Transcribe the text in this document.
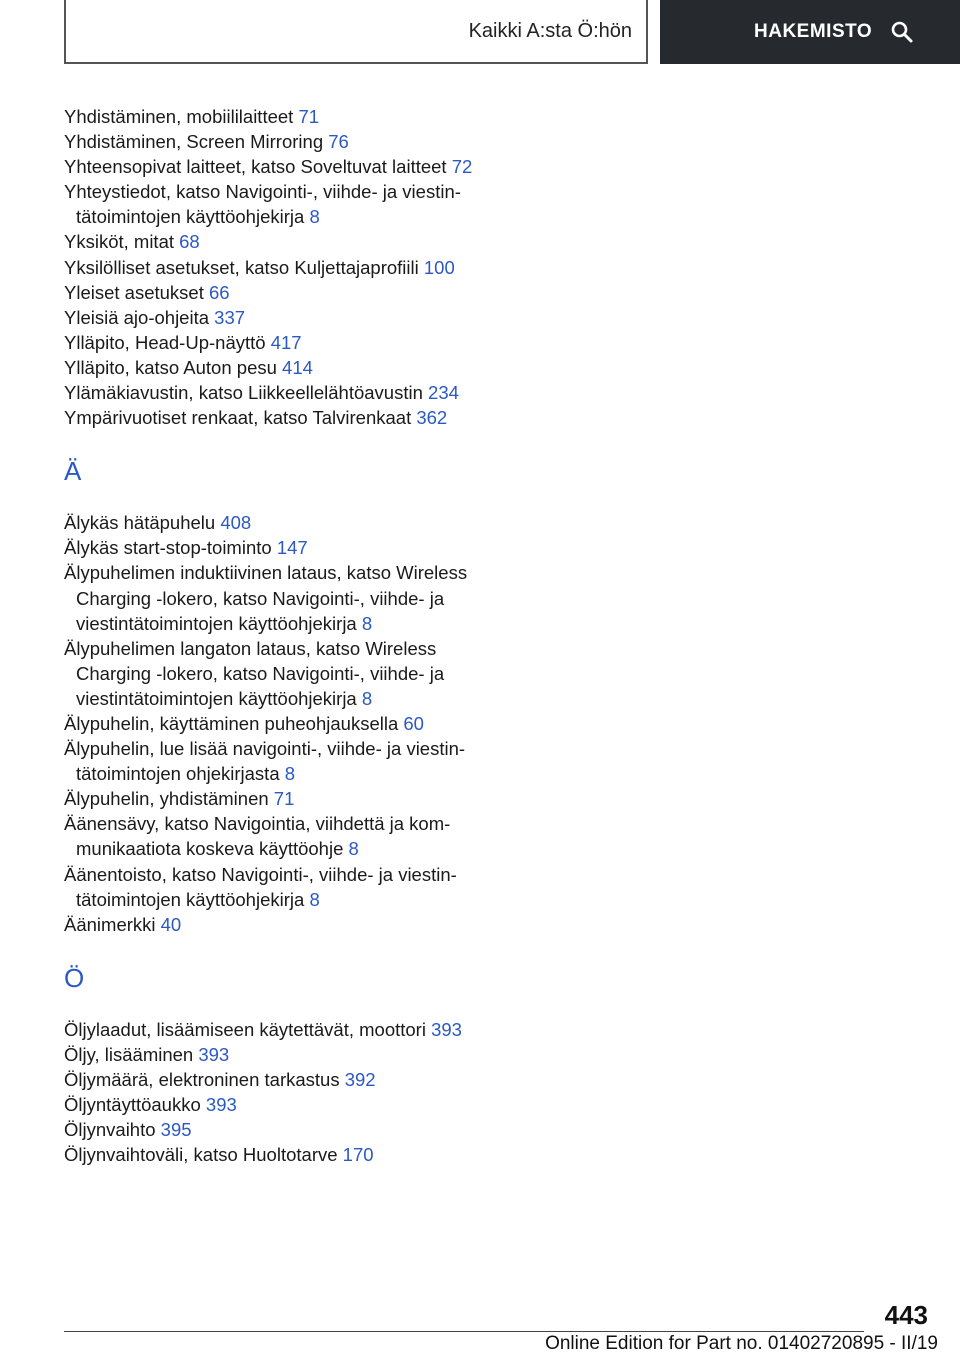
Kaikki A:sta Ö:hön	HAKEMISTO
Yhdistäminen, mobiililaitteet 71
Yhdistäminen, Screen Mirroring 76
Yhteensopivat laitteet, katso Soveltuvat laitteet 72
Yhteystiedot, katso Navigointi-, viihde- ja viestintätoimintojen käyttöohjekirja 8
Yksiköt, mitat 68
Yksilölliset asetukset, katso Kuljettajaprofiili 100
Yleiset asetukset 66
Yleisiä ajo-ohjeita 337
Ylläpito, Head-Up-näyttö 417
Ylläpito, katso Auton pesu 414
Ylämäkiavustin, katso Liikkeellelähtöavustin 234
Ympärivuotiset renkaat, katso Talvirenkaat 362
Ä
Älykäs hätäpuhelu 408
Älykäs start-stop-toiminto 147
Älypuhelimen induktiivinen lataus, katso Wireless Charging -lokero, katso Navigointi-, viihde- ja viestintätoimintojen käyttöohjekirja 8
Älypuhelimen langaton lataus, katso Wireless Charging -lokero, katso Navigointi-, viihde- ja viestintätoimintojen käyttöohjekirja 8
Älypuhelin, käyttäminen puheohjauksella 60
Älypuhelin, lue lisää navigointi-, viihde- ja viestintätoimintojen ohjekirjasta 8
Älypuhelin, yhdistäminen 71
Äänensävy, katso Navigointia, viihdettä ja kommunikaatiota koskeva käyttöohje 8
Äänentoisto, katso Navigointi-, viihde- ja viestintätoimintojen käyttöohjekirja 8
Äänimerkki 40
Ö
Öljylaadut, lisäämiseen käytettävät, moottori 393
Öljy, lisääminen 393
Öljymäärä, elektroninen tarkastus 392
Öljyntäyttöaukko 393
Öljynvaihto 395
Öljynvaihtoväli, katso Huoltotarve 170
443
Online Edition for Part no. 01402720895 - II/19
